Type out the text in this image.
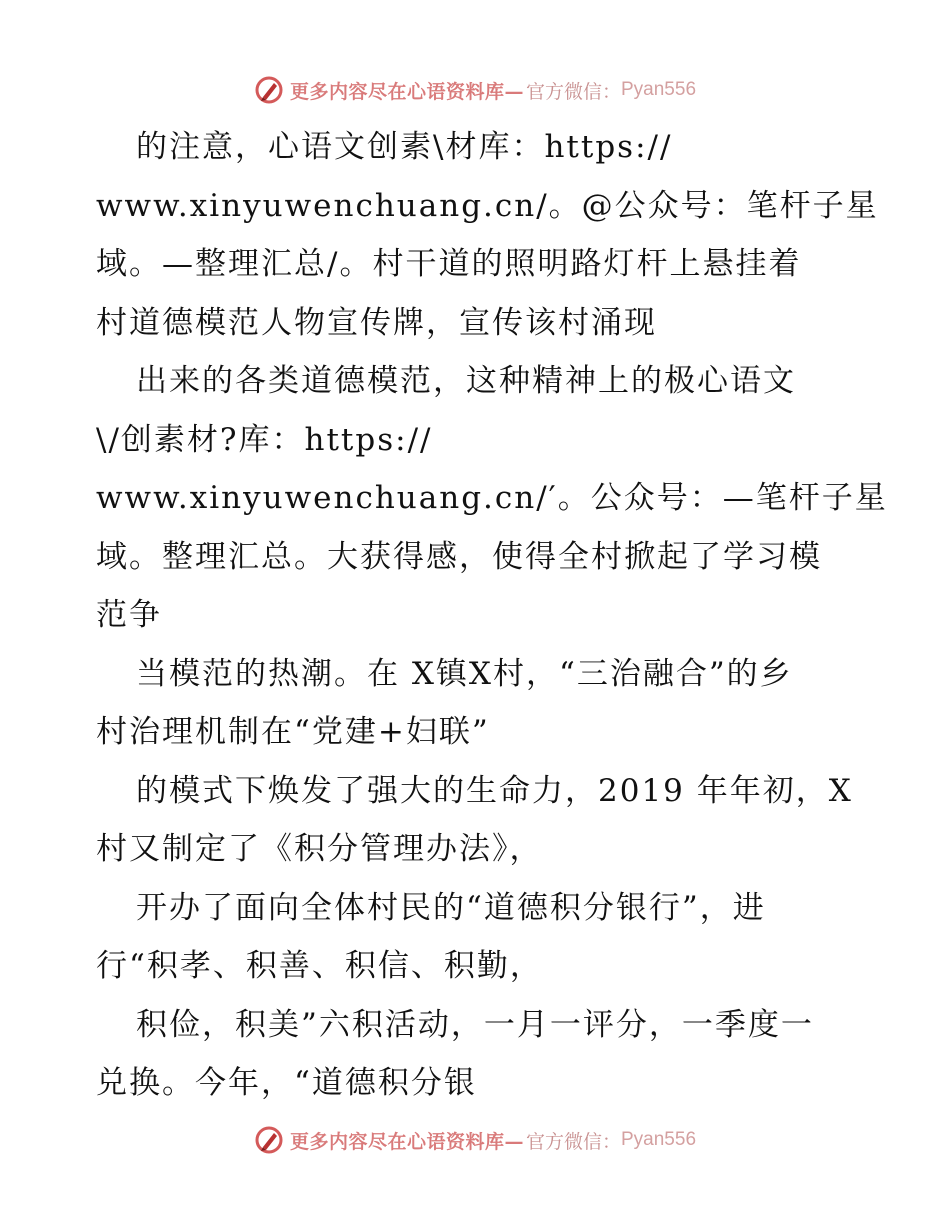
更多内容尽在心语资料库— 官方微信： Pyan556
的注意，心语文创素\材库：https://
www.xinyuwenchuang.cn/。@公众号：笔杆子星
域。—整理汇总/。村干道的照明路灯杆上悬挂着
村道德模范人物宣传牌，宣传该村涌现
出来的各类道德模范，这种精神上的极心语文
\/创素材?库：https://
www.xinyuwenchuang.cn/′。公众号：—笔杆子星
域。整理汇总。大获得感，使得全村掀起了学习模
范争
当模范的热潮。在 X镇X村，“三治融合”的乡
村治理机制在“党建+妇联”
的模式下焕发了强大的生命力，2019 年年初，X
村又制定了《积分管理办法》，
开办了面向全体村民的“道德积分银行”，进
行“积孝、积善、积信、积勤，
积俭，积美”六积活动，一月一评分，一季度一
兑换。今年，“道德积分银
更多内容尽在心语资料库— 官方微信： Pyan556
